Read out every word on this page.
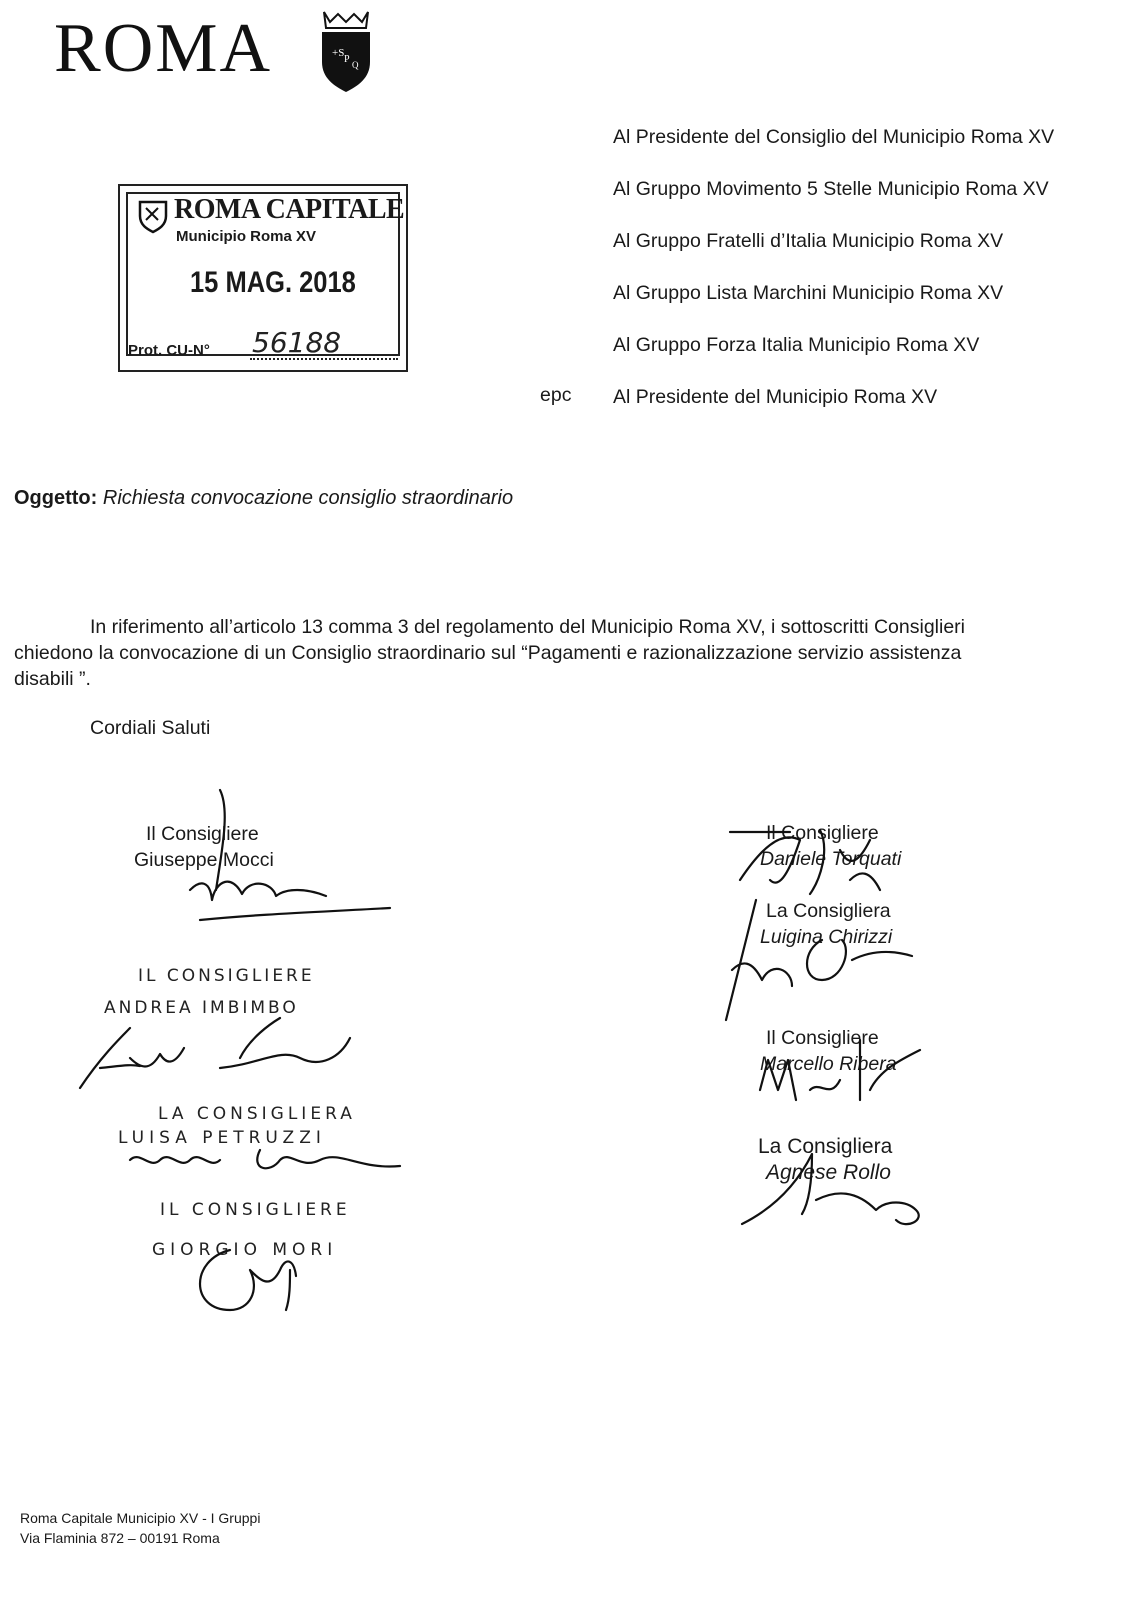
ROMA	+S
P Q
ROMA CAPITALE
Municipio Roma XV
15 MAG. 2018
Prot. CU-N° 56188
Al Presidente del Consiglio del Municipio Roma XV
Al Gruppo Movimento 5 Stelle Municipio Roma XV
Al Gruppo Fratelli d’Italia Municipio Roma XV
Al Gruppo Lista Marchini Municipio Roma XV
Al Gruppo Forza Italia Municipio Roma XV
Al Presidente del Municipio Roma XV
epc
Oggetto: Richiesta convocazione consiglio straordinario
In riferimento all’articolo 13 comma 3 del regolamento del Municipio Roma XV, i sottoscritti Consiglieri
chiedono la convocazione di un Consiglio straordinario sul “Pagamenti e razionalizzazione servizio assistenza
disabili ”.
Cordiali Saluti
Il Consigliere
Giuseppe Mocci
IL CONSIGLIERE
ANDREA IMBIMBO
LA CONSIGLIERA
LUISA PETRUZZI
IL CONSIGLIERE
GIORGIO MORI
Il Consigliere
Daniele Torquati
La Consigliera
Luigina Chirizzi
Il Consigliere
Marcello Ribera
La Consigliera
Agnese Rollo
Roma Capitale Municipio XV - I Gruppi
Via Flaminia 872 – 00191 Roma
